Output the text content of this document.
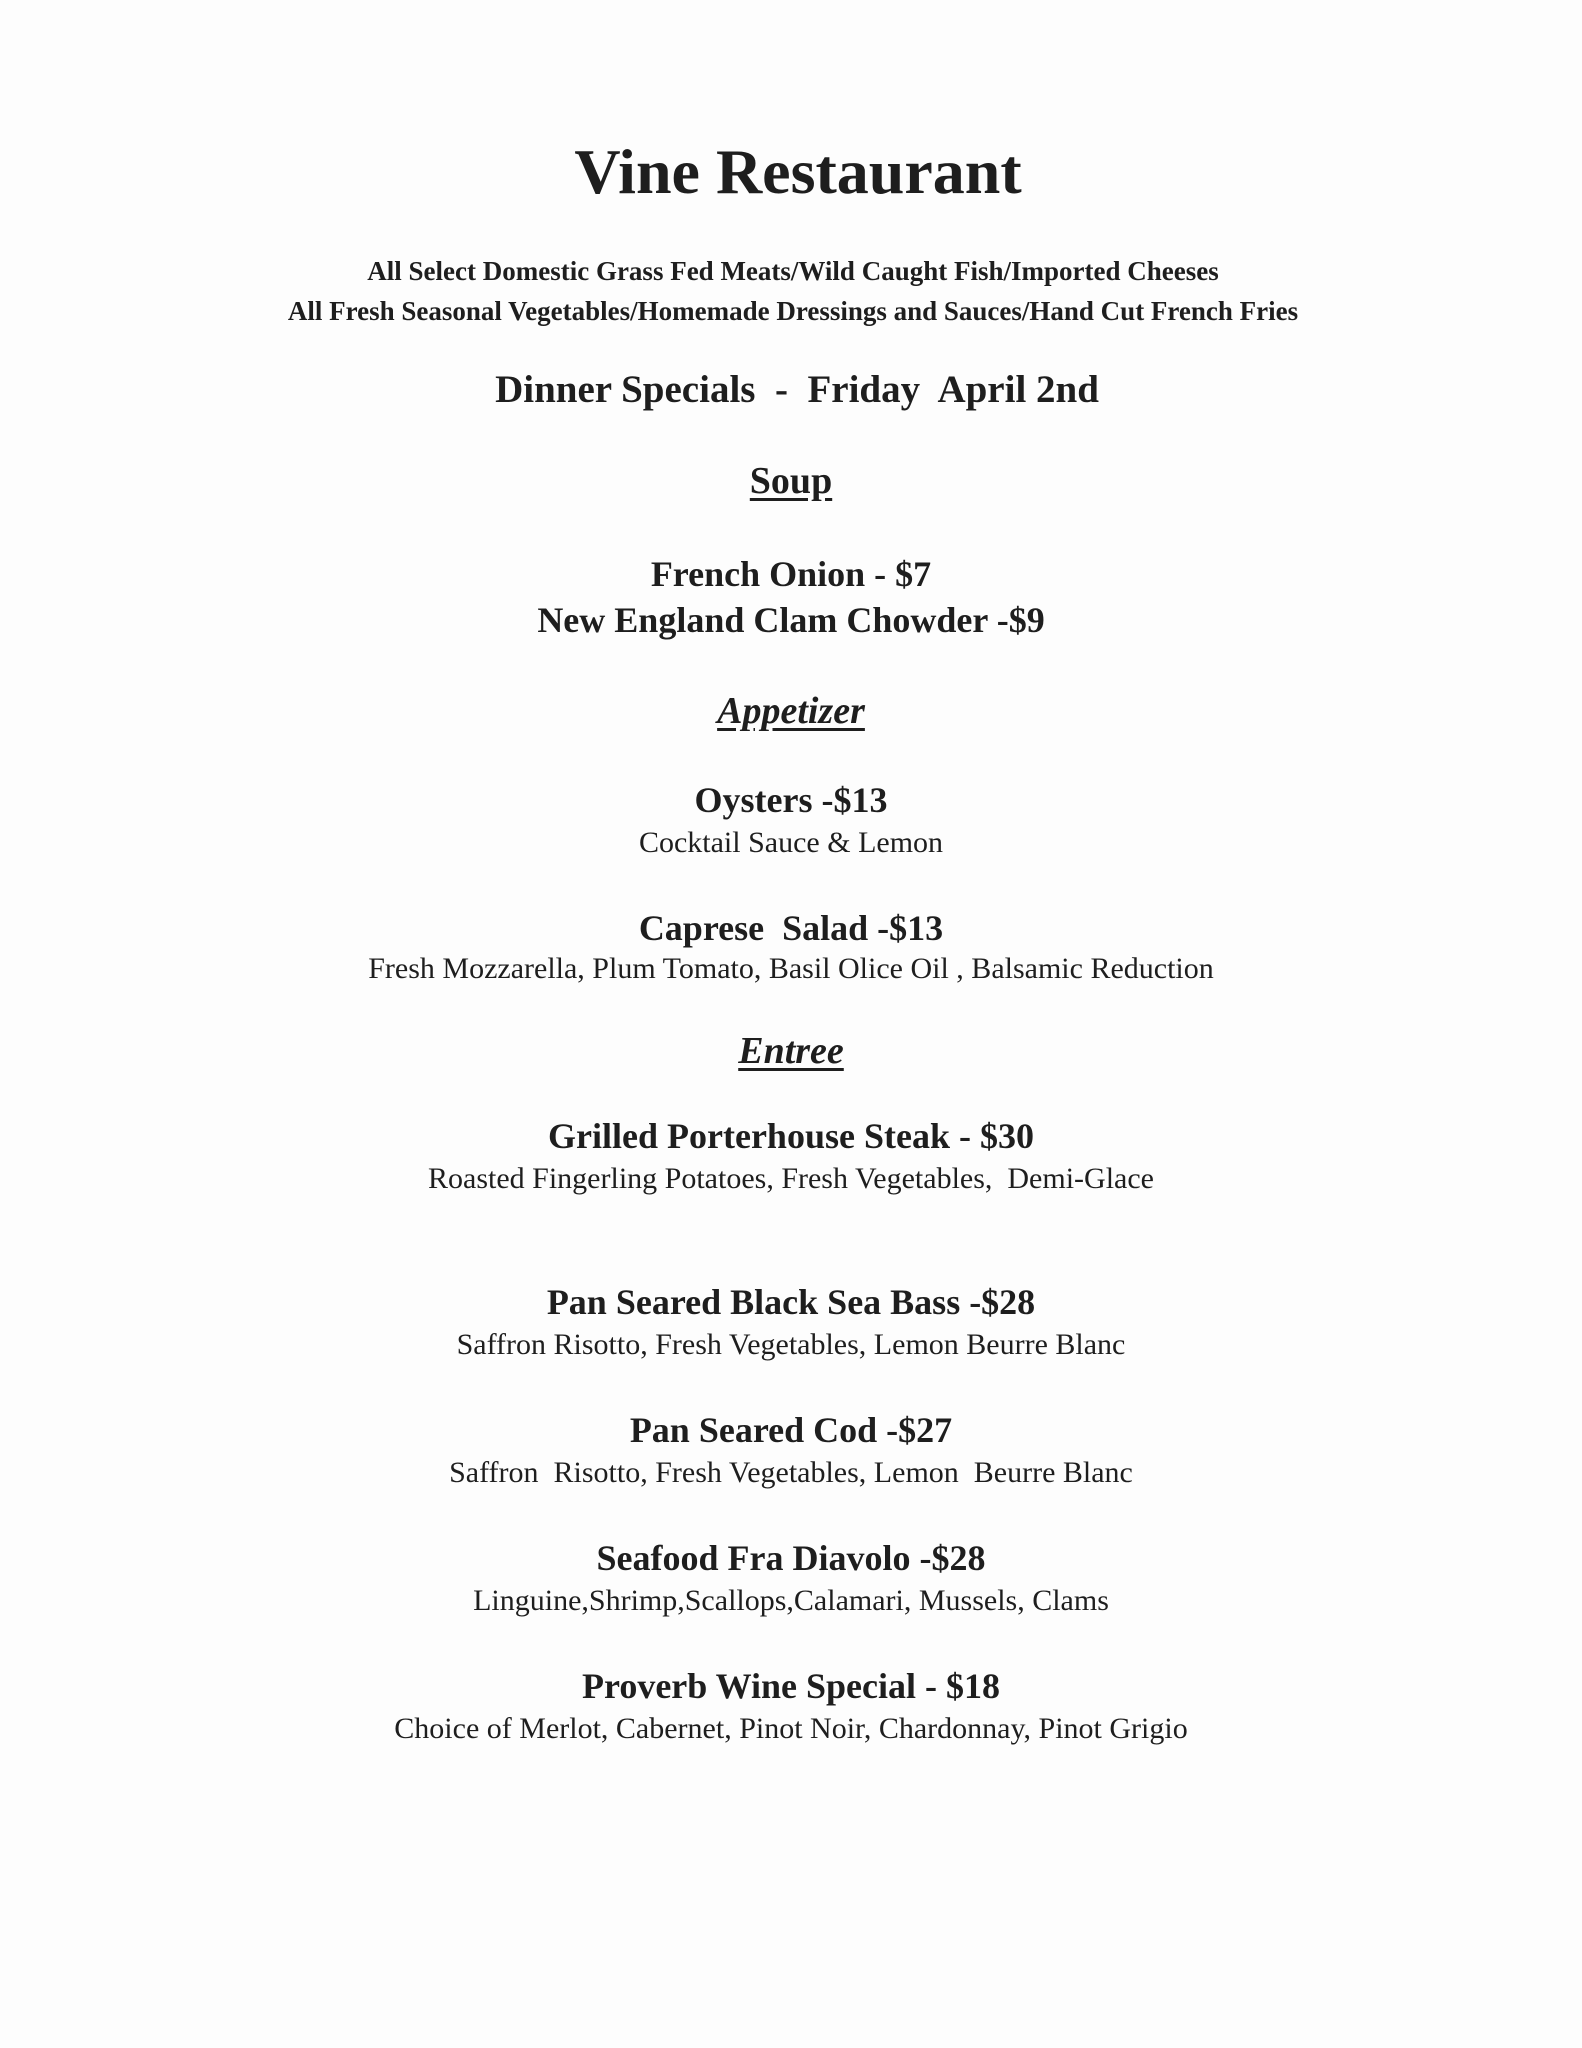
Vine Restaurant
All Select Domestic Grass Fed Meats/Wild Caught Fish/Imported Cheeses
All Fresh Seasonal Vegetables/Homemade Dressings and Sauces/Hand Cut French Fries
Dinner Specials  -  Friday  April 2nd
Soup
French Onion - $7
New England Clam Chowder -$9
Appetizer
Oysters -$13
Cocktail Sauce & Lemon
Caprese  Salad -$13
Fresh Mozzarella, Plum Tomato, Basil Olice Oil , Balsamic Reduction
Entree
Grilled Porterhouse Steak - $30
Roasted Fingerling Potatoes, Fresh Vegetables,  Demi-Glace
Pan Seared Black Sea Bass -$28
Saffron Risotto, Fresh Vegetables, Lemon Beurre Blanc
Pan Seared Cod -$27
Saffron  Risotto, Fresh Vegetables, Lemon  Beurre Blanc
Seafood Fra Diavolo -$28
Linguine,Shrimp,Scallops,Calamari, Mussels, Clams
Proverb Wine Special - $18
Choice of Merlot, Cabernet, Pinot Noir, Chardonnay, Pinot Grigio
